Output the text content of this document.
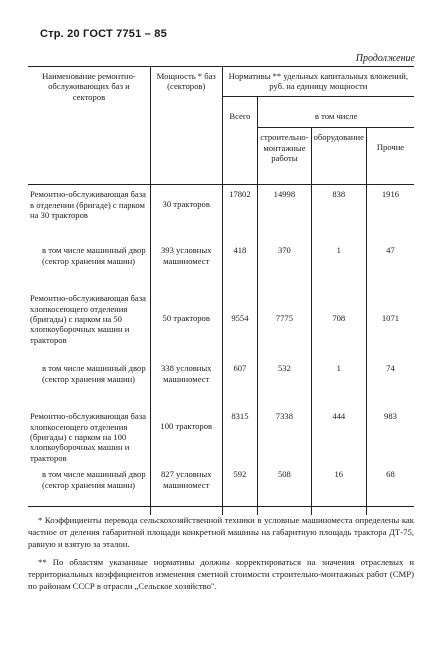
Стр. 20 ГОСТ 7751 – 85
Продолжение
Наименование ремонтно-обслуживающих баз и секторов	Мощность * баз (секторов)	Нормативы ** удельных капитальных вложений, руб. на единицу мощности			
		Всего	в том числе		
			строительно-монтажные работы	оборудование	Прочие

Ремонтно-обслуживающая база в отделении (бригаде) с парком на 30 тракторов	30 тракторов	17802	14998	838	1916
в том числе машинный двор (сектор хранения машин)	393 условных машиномест	418	370	1	47
Ремонтно-обслуживающая база хлопкосеющего отделения (бригады) с парком на 50 хлопкоуборочных машин и тракторов	50 тракторов	9554	7775	708	1071
в том числе машинный двор (сектор хранения машин)	338 условных машиномест	607	532	1	74
Ремонтно-обслуживающая база хлопкосеющего отделения (бригады) с парком на 100 хлопкоуборочных машин и тракторов	100 тракторов	8315	7338	444	983
в том числе машинный двор (сектор хранения машин)	827 условных машиномест	592	508	16	68

* Коэффициенты перевода сельскохозяйственной техники в условные машиноместа определены как частное от деления габаритной площади конкретной машины на габаритную площадь трактора ДТ-75, равную и взятую за эталон.

** По областям указанные нормативы должны корректироваться на значения отраслевых и территориальных коэффициентов изменения сметной стоимости строительно-монтажных работ (СМР) по районам СССР в отрасли „Сельское хозяйство".
